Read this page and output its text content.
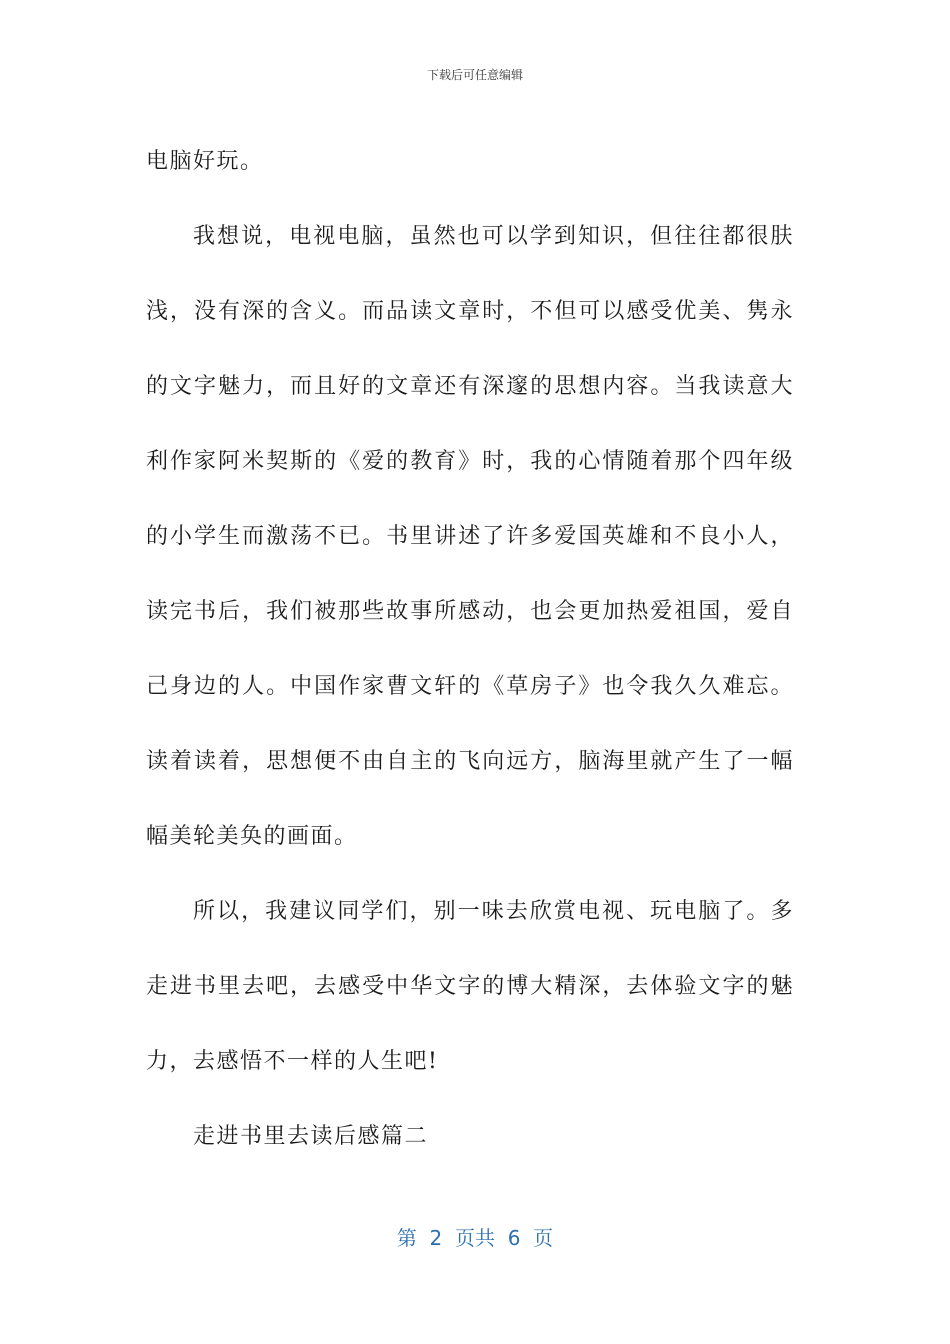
下载后可任意编辑

电脑好玩。

我想说，电视电脑，虽然也可以学到知识，但往往都很肤浅，没有深的含义。而品读文章时，不但可以感受优美、隽永的文字魅力，而且好的文章还有深邃的思想内容。当我读意大利作家阿米契斯的《爱的教育》时，我的心情随着那个四年级的小学生而激荡不已。书里讲述了许多爱国英雄和不良小人，读完书后，我们被那些故事所感动，也会更加热爱祖国，爱自己身边的人。中国作家曹文轩的《草房子》也令我久久难忘。读着读着，思想便不由自主的飞向远方，脑海里就产生了一幅幅美轮美奂的画面。

所以，我建议同学们，别一味去欣赏电视、玩电脑了。多走进书里去吧，去感受中华文字的博大精深，去体验文字的魅力，去感悟不一样的人生吧!

走进书里去读后感篇二

第  2  页共  6  页
